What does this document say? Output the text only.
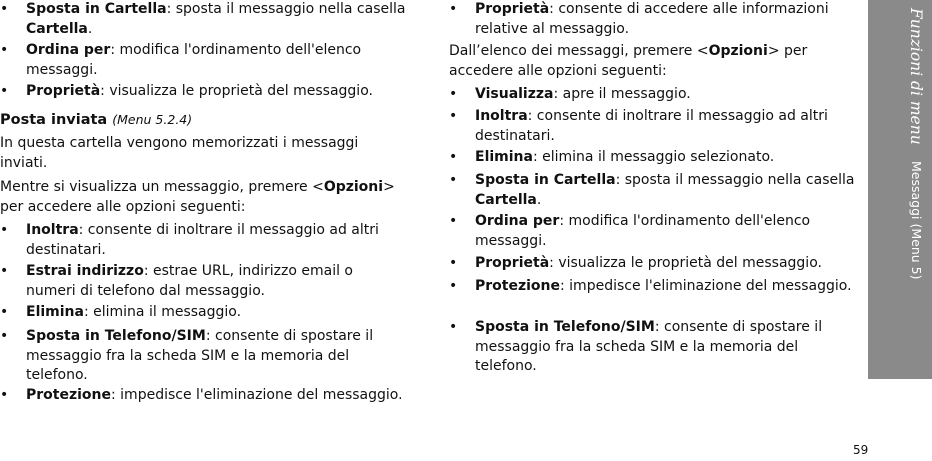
• Sposta in Cartella: sposta il messaggio nella casella Cartella.
• Ordina per: modifica l'ordinamento dell'elenco messaggi.
• Proprietà: visualizza le proprietà del messaggio.
Posta inviata (Menu 5.2.4)
In questa cartella vengono memorizzati i messaggi inviati.
Mentre si visualizza un messaggio, premere <Opzioni> per accedere alle opzioni seguenti:
• Inoltra: consente di inoltrare il messaggio ad altri destinatari.
• Estrai indirizzo: estrae URL, indirizzo email o numeri di telefono dal messaggio.
• Elimina: elimina il messaggio.
• Sposta in Telefono/SIM: consente di spostare il messaggio fra la scheda SIM e la memoria del telefono.
• Protezione: impedisce l'eliminazione del messaggio.
• Proprietà: consente di accedere alle informazioni relative al messaggio.
Dall’elenco dei messaggi, premere <Opzioni> per accedere alle opzioni seguenti:
• Visualizza: apre il messaggio.
• Inoltra: consente di inoltrare il messaggio ad altri destinatari.
• Elimina: elimina il messaggio selezionato.
• Sposta in Cartella: sposta il messaggio nella casella Cartella.
• Ordina per: modifica l'ordinamento dell'elenco messaggi.
• Proprietà: visualizza le proprietà del messaggio.
• Protezione: impedisce l'eliminazione del messaggio.
• Sposta in Telefono/SIM: consente di spostare il messaggio fra la scheda SIM e la memoria del telefono.
Funzioni di menuMessaggi (Menu 5)
59
